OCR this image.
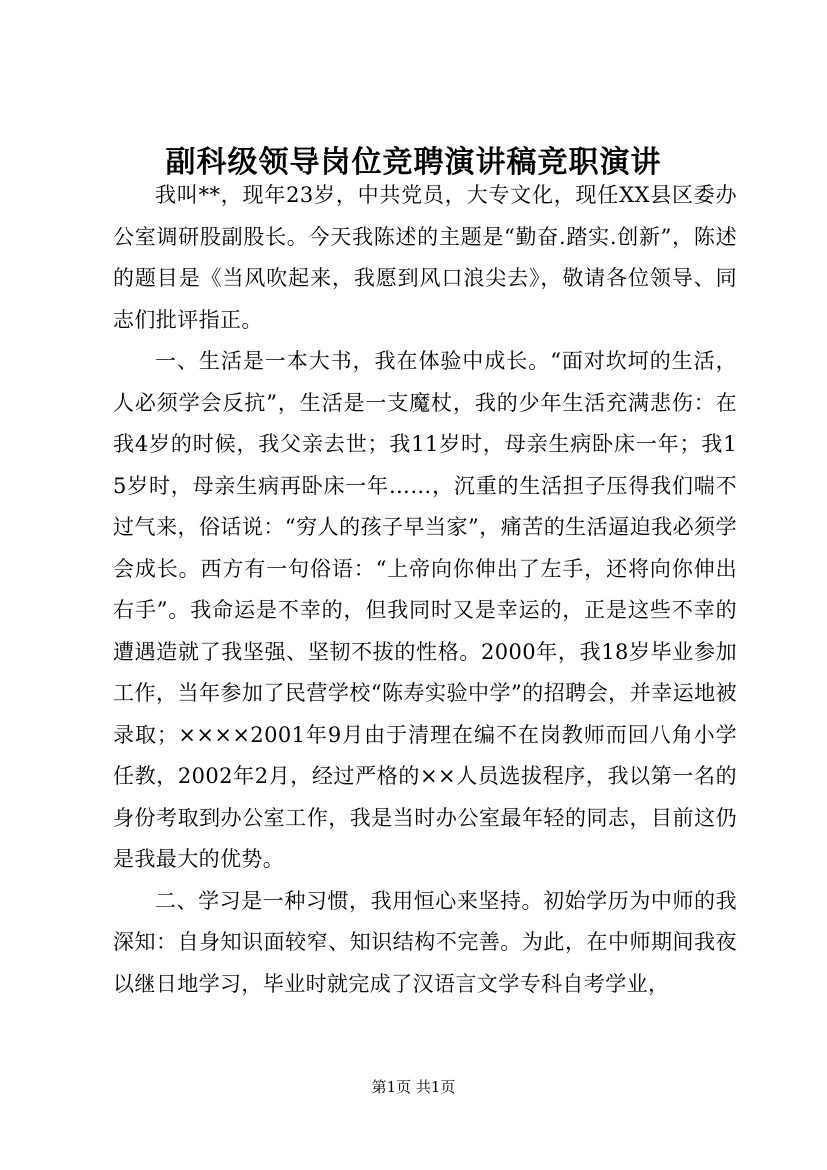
副科级领导岗位竞聘演讲稿竞职演讲

我叫**，现年23岁，中共党员，大专文化，现任XX县区委办公室调研股副股长。今天我陈述的主题是“勤奋.踏实.创新”，陈述的题目是《当风吹起来，我愿到风口浪尖去》，敬请各位领导、同志们批评指正。

一、生活是一本大书，我在体验中成长。“面对坎坷的生活，人必须学会反抗”，生活是一支魔杖，我的少年生活充满悲伤：在我4岁的时候，我父亲去世；我11岁时，母亲生病卧床一年；我15岁时，母亲生病再卧床一年……，沉重的生活担子压得我们喘不过气来，俗话说：“穷人的孩子早当家”，痛苦的生活逼迫我必须学会成长。西方有一句俗语：“上帝向你伸出了左手，还将向你伸出右手”。我命运是不幸的，但我同时又是幸运的，正是这些不幸的遭遇造就了我坚强、坚韧不拔的性格。2000年，我18岁毕业参加工作，当年参加了民营学校“陈寿实验中学”的招聘会，并幸运地被录取；××××2001年9月由于清理在编不在岗教师而回八角小学任教，2002年2月，经过严格的××人员选拔程序，我以第一名的身份考取到办公室工作，我是当时办公室最年轻的同志，目前这仍是我最大的优势。

二、学习是一种习惯，我用恒心来坚持。初始学历为中师的我深知：自身知识面较窄、知识结构不完善。为此，在中师期间我夜以继日地学习，毕业时就完成了汉语言文学专科自考学业，

第1页 共1页
